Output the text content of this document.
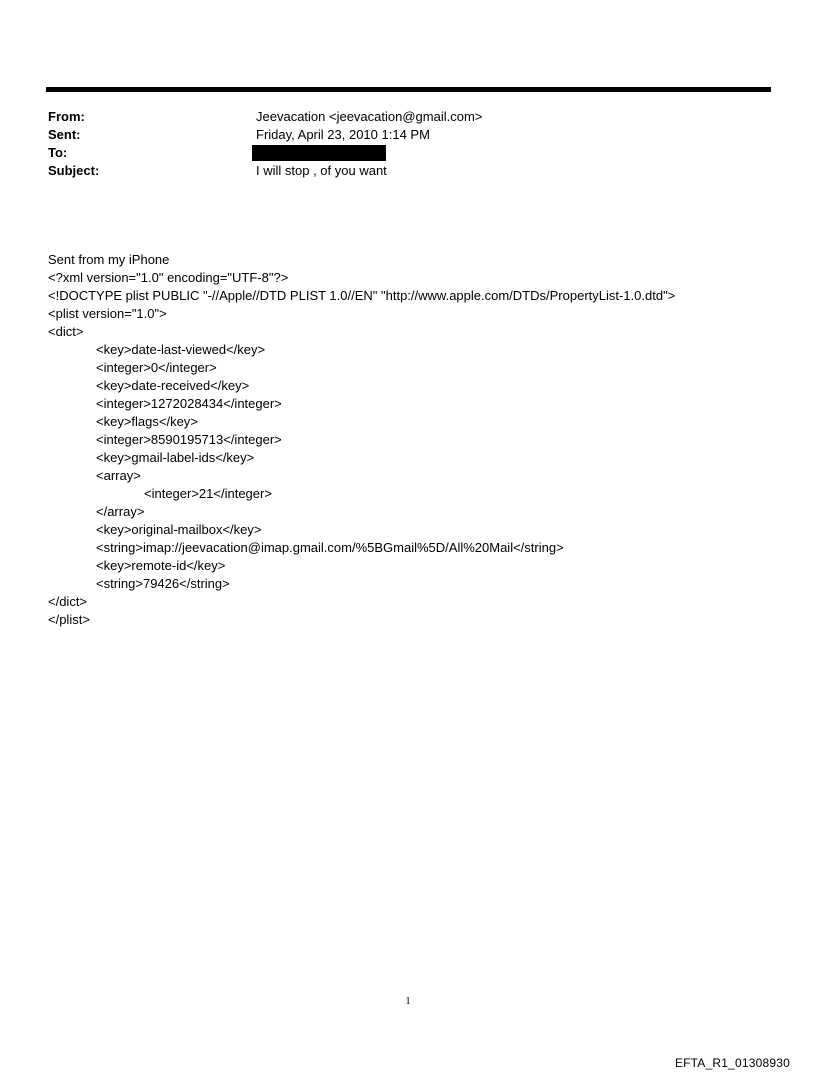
From:	Jeevacation <jeevacation@gmail.com>
Sent:	Friday, April 23, 2010 1:14 PM
To:
Subject:	I will stop , of you want
Sent from my iPhone
<?xml version="1.0" encoding="UTF-8"?>
<!DOCTYPE plist PUBLIC "-//Apple//DTD PLIST 1.0//EN" "http://www.apple.com/DTDs/PropertyList-1.0.dtd">
<plist version="1.0">
<dict>
<key>date-last-viewed</key>
<integer>0</integer>
<key>date-received</key>
<integer>1272028434</integer>
<key>flags</key>
<integer>8590195713</integer>
<key>gmail-label-ids</key>
<array>
<integer>21</integer>
</array>
<key>original-mailbox</key>
<string>imap://jeevacation@imap.gmail.com/%5BGmail%5D/All%20Mail</string>
<key>remote-id</key>
<string>79426</string>
</dict>
</plist>
1
EFTA_R1_01308930
